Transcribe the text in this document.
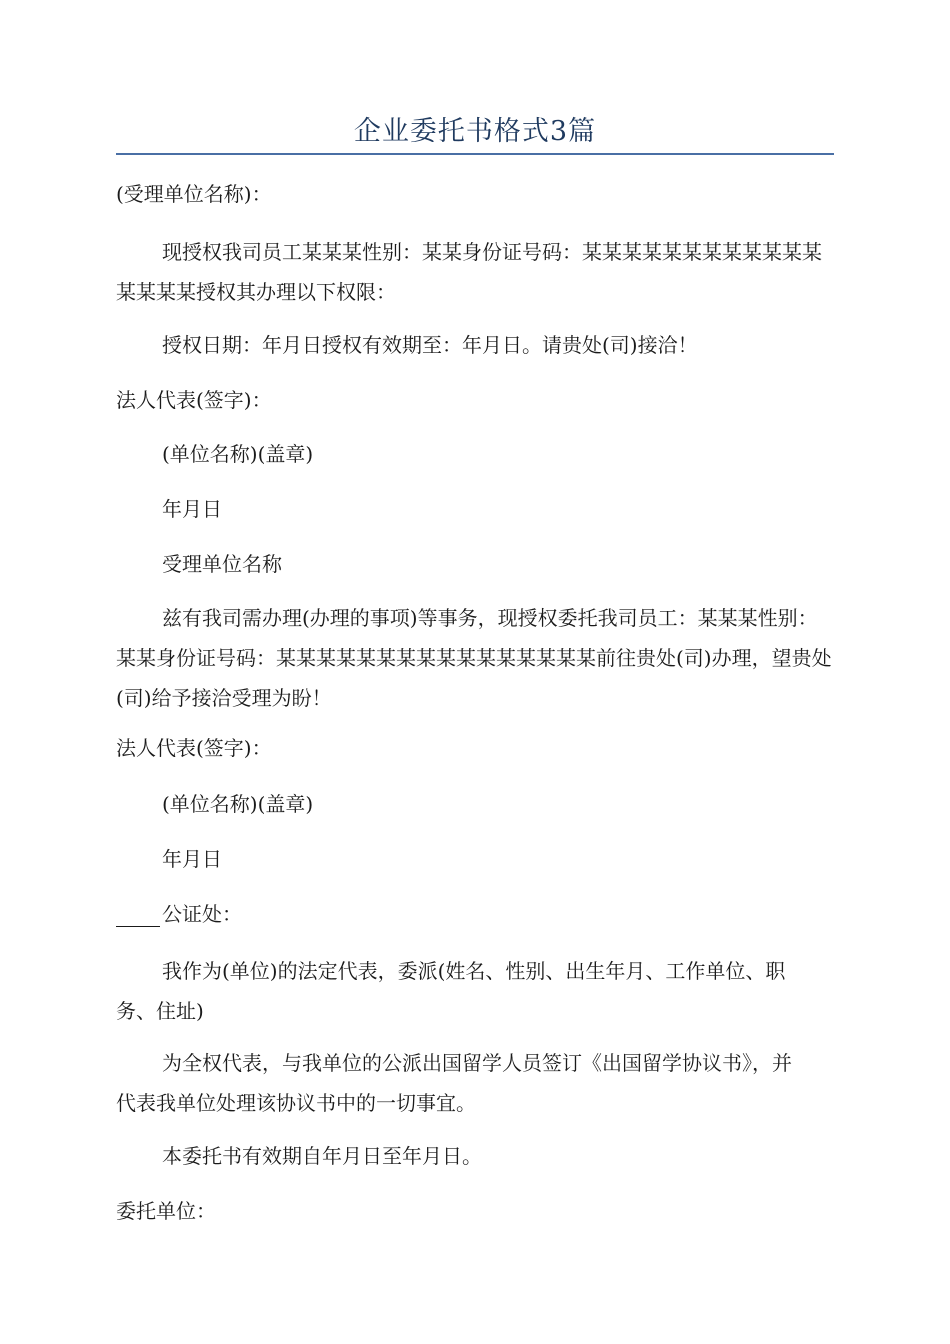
企业委托书格式3篇
(受理单位名称)：
现授权我司员工某某某性别：某某身份证号码：某某某某某某某某某某某某某某某某授权其办理以下权限：
授权日期：年月日授权有效期至：年月日。请贵处(司)接洽！
法人代表(签字)：
(单位名称)(盖章)
年月日
受理单位名称
兹有我司需办理(办理的事项)等事务，现授权委托我司员工：某某某性别：某某身份证号码：某某某某某某某某某某某某某某某某前往贵处(司)办理，望贵处(司)给予接洽受理为盼！
法人代表(签字)：
(单位名称)(盖章)
年月日
公证处：
我作为(单位)的法定代表，委派(姓名、性别、出生年月、工作单位、职务、住址)
为全权代表，与我单位的公派出国留学人员签订《出国留学协议书》，并代表我单位处理该协议书中的一切事宜。
本委托书有效期自年月日至年月日。
委托单位：
